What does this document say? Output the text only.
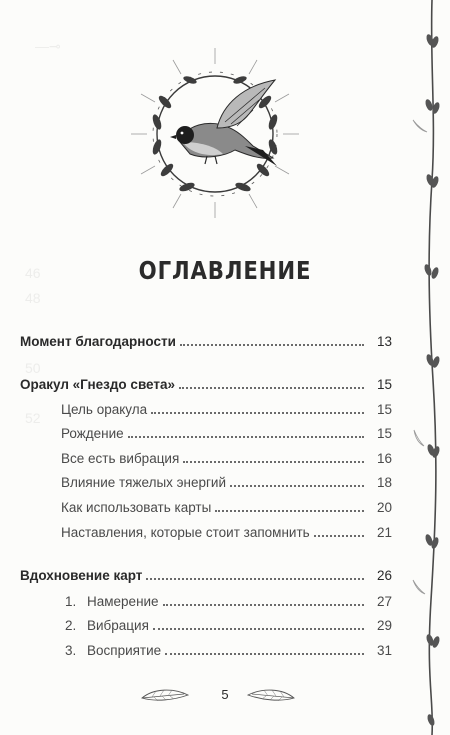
—⊸
46
48
50
52
ОГЛАВЛЕНИЕ
Момент благодарности	13
Оракул «Гнездо света»	15
Цель оракула	15
Рождение	15
Все есть вибрация	16
Влияние тяжелых энергий	18
Как использовать карты	20
Наставления, которые стоит запомнить	21
Вдохновение карт	26
1. Намерение	27
2. Вибрация	29
3. Восприятие	31
5
